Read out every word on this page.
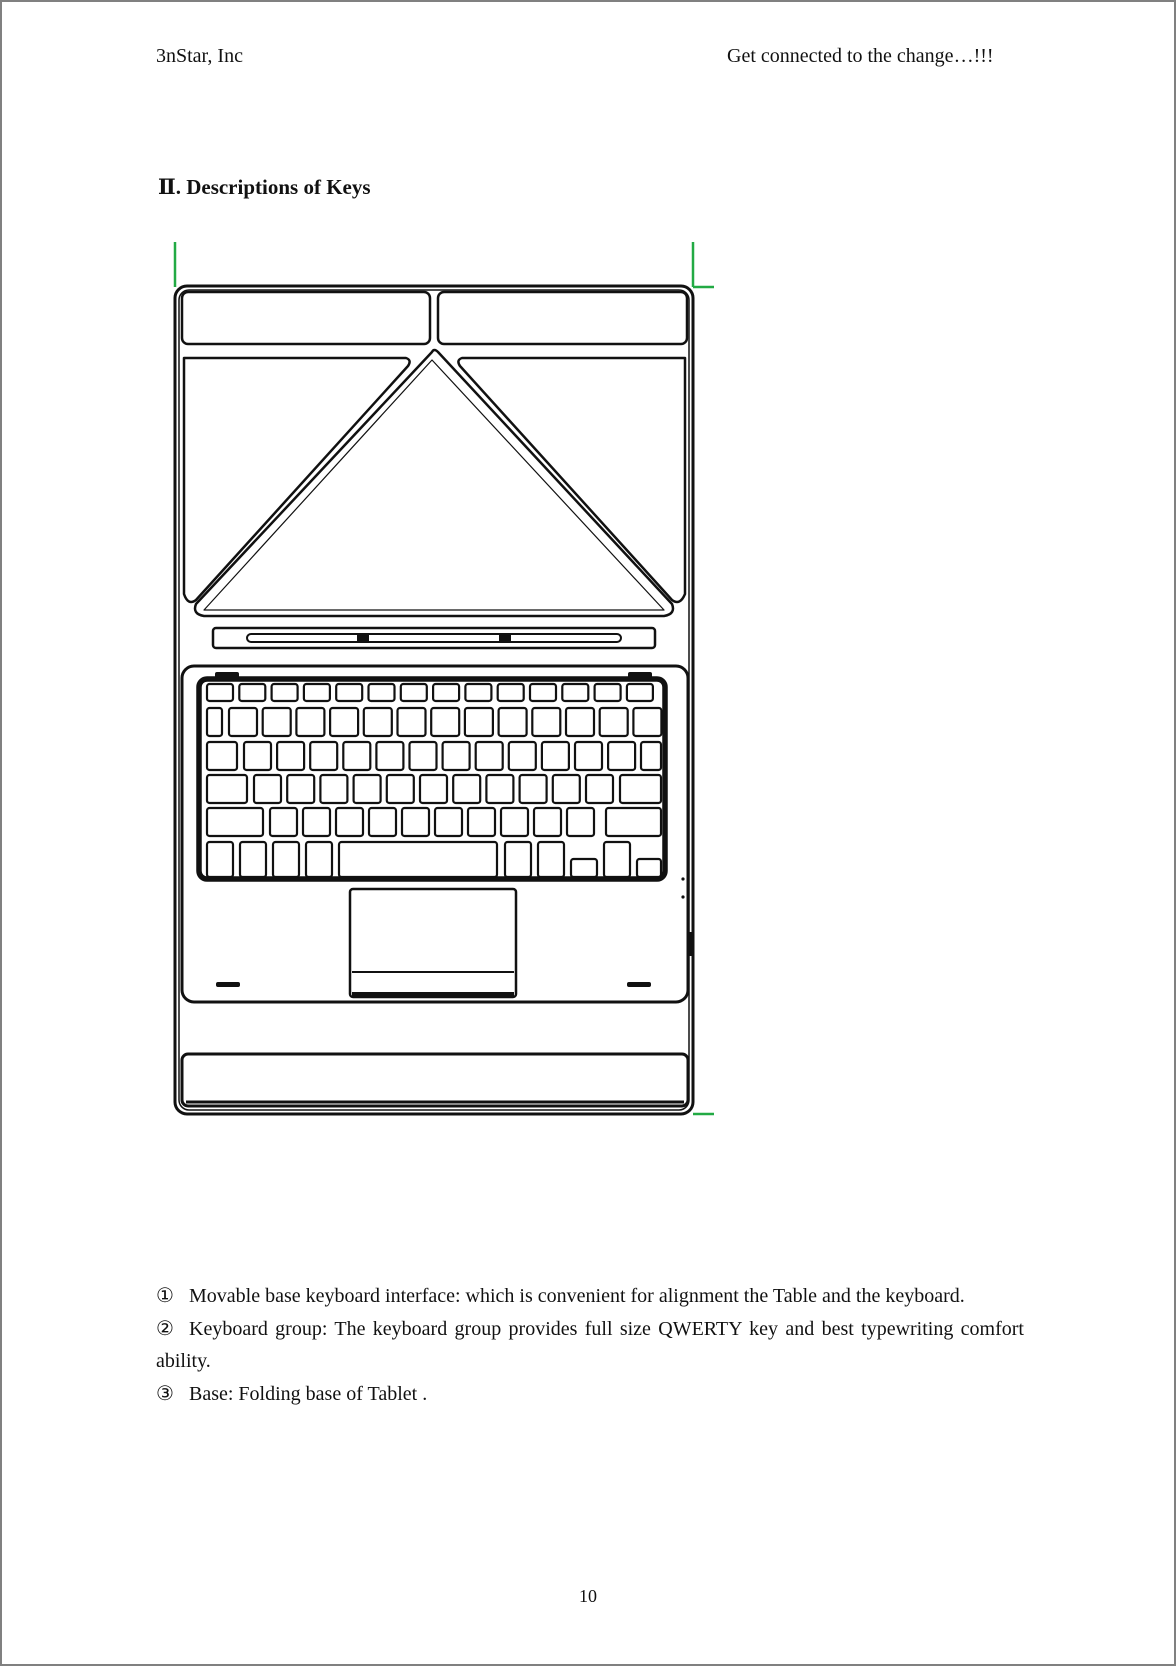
3nStar, Inc	Get connected to the change…!!!
Ⅱ. Descriptions of Keys

① Movable base keyboard interface: which is convenient for alignment the Table and the keyboard.

② Keyboard group: The keyboard group provides full size QWERTY key and best typewriting comfort ability.

③ Base: Folding base of Tablet .

10
